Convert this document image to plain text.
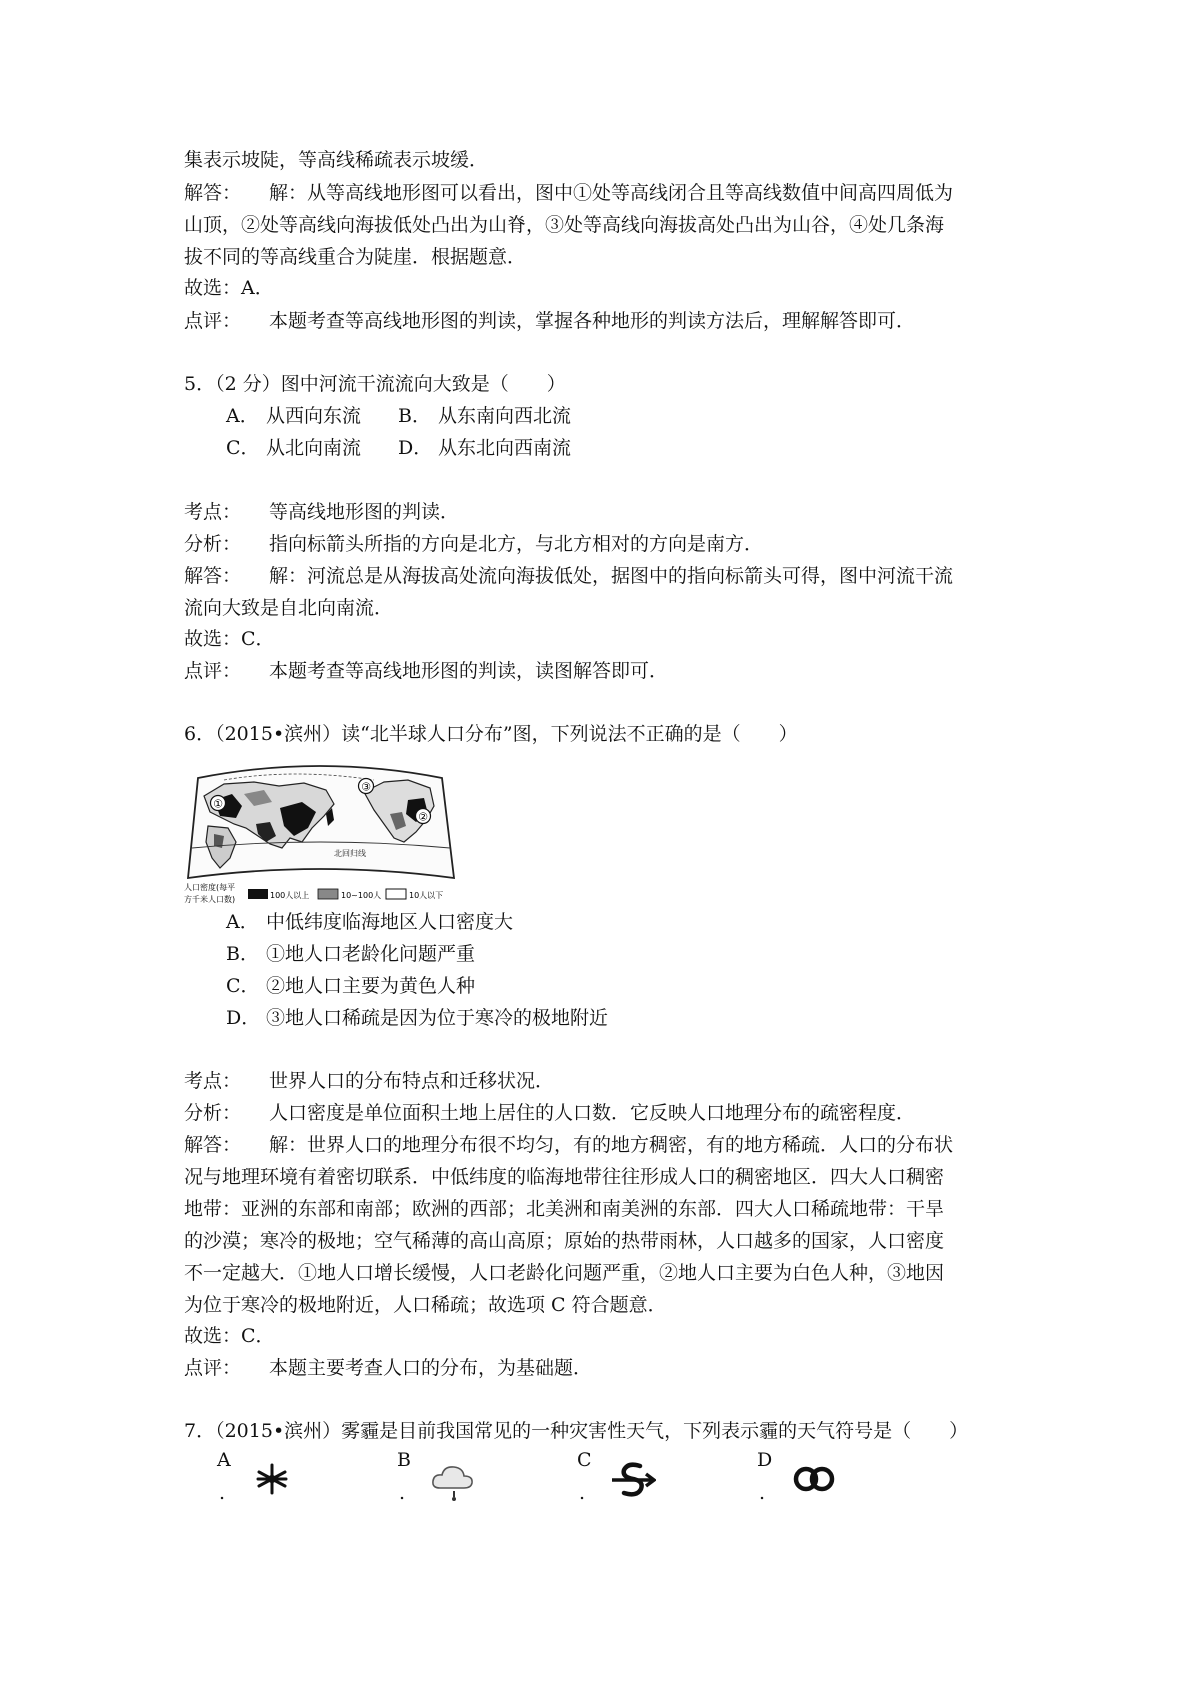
集表示坡陡，等高线稀疏表示坡缓．
解答： 解：从等高线地形图可以看出，图中①处等高线闭合且等高线数值中间高四周低为
山顶，②处等高线向海拔低处凸出为山脊，③处等高线向海拔高处凸出为山谷，④处几条海
拔不同的等高线重合为陡崖．根据题意．
故选：A．
点评： 本题考查等高线地形图的判读，掌握各种地形的判读方法后，理解解答即可．
5．（2 分）图中河流干流流向大致是（　　）
A． 从西向东流 B． 从东南向西北流
C． 从北向南流 D． 从东北向西南流
考点： 等高线地形图的判读．
分析： 指向标箭头所指的方向是北方，与北方相对的方向是南方．
解答： 解：河流总是从海拔高处流向海拔低处，据图中的指向标箭头可得，图中河流干流
流向大致是自北向南流．
故选：C．
点评： 本题考查等高线地形图的判读，读图解答即可．
6．（2015•滨州）读“北半球人口分布”图，下列说法不正确的是（　　）
①
②
③
北回归线
人口密度(每平
方千米人口数)	100人以上	10~100人	10人以下
A． 中低纬度临海地区人口密度大
B． ①地人口老龄化问题严重
C． ②地人口主要为黄色人种
D． ③地人口稀疏是因为位于寒冷的极地附近
考点： 世界人口的分布特点和迁移状况．
分析： 人口密度是单位面积土地上居住的人口数．它反映人口地理分布的疏密程度．
解答： 解：世界人口的地理分布很不均匀，有的地方稠密，有的地方稀疏．人口的分布状
况与地理环境有着密切联系．中低纬度的临海地带往往形成人口的稠密地区．四大人口稠密
地带：亚洲的东部和南部；欧洲的西部；北美洲和南美洲的东部．四大人口稀疏地带：干旱
的沙漠；寒冷的极地；空气稀薄的高山高原；原始的热带雨林，人口越多的国家，人口密度
不一定越大．①地人口增长缓慢，人口老龄化问题严重，②地人口主要为白色人种，③地因
为位于寒冷的极地附近，人口稀疏；故选项 C 符合题意．
故选：C．
点评： 本题主要考查人口的分布，为基础题．
7．（2015•滨州）雾霾是目前我国常见的一种灾害性天气，下列表示霾的天气符号是（　　）
A
.
B
.
C
.
D
.
